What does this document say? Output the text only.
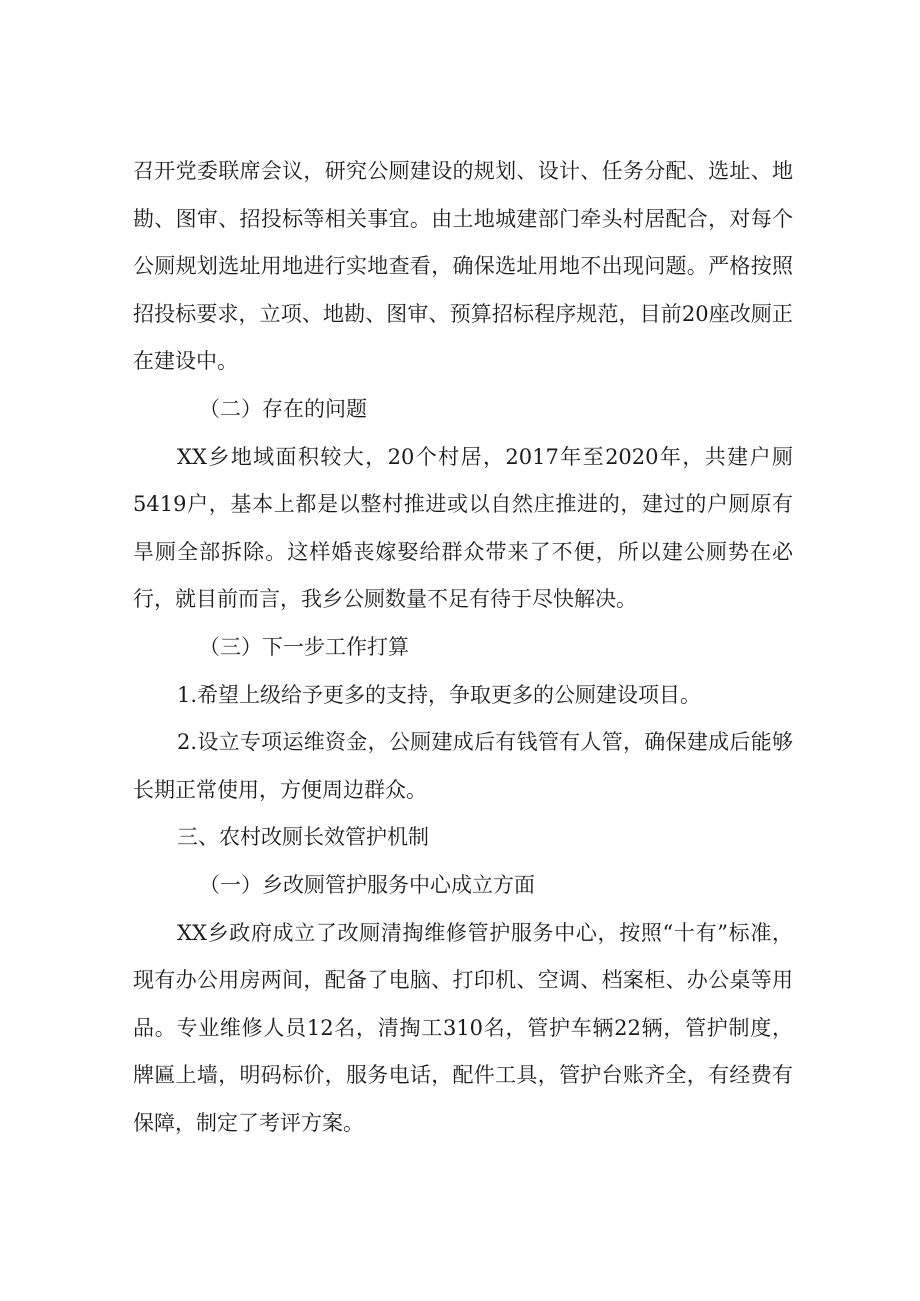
召开党委联席会议，研究公厕建设的规划、设计、任务分配、选址、地勘、图审、招投标等相关事宜。由土地城建部门牵头村居配合，对每个公厕规划选址用地进行实地查看，确保选址用地不出现问题。严格按照招投标要求，立项、地勘、图审、预算招标程序规范，目前20座改厕正在建设中。

（二）存在的问题

XX乡地域面积较大，20个村居，2017年至2020年，共建户厕5419户，基本上都是以整村推进或以自然庄推进的，建过的户厕原有旱厕全部拆除。这样婚丧嫁娶给群众带来了不便，所以建公厕势在必行，就目前而言，我乡公厕数量不足有待于尽快解决。

（三）下一步工作打算

1.希望上级给予更多的支持，争取更多的公厕建设项目。

2.设立专项运维资金，公厕建成后有钱管有人管，确保建成后能够长期正常使用，方便周边群众。

三、农村改厕长效管护机制

（一）乡改厕管护服务中心成立方面

XX乡政府成立了改厕清掏维修管护服务中心，按照“十有”标准，现有办公用房两间，配备了电脑、打印机、空调、档案柜、办公桌等用品。专业维修人员12名，清掏工310名，管护车辆22辆，管护制度，牌匾上墙，明码标价，服务电话，配件工具，管护台账齐全，有经费有保障，制定了考评方案。
